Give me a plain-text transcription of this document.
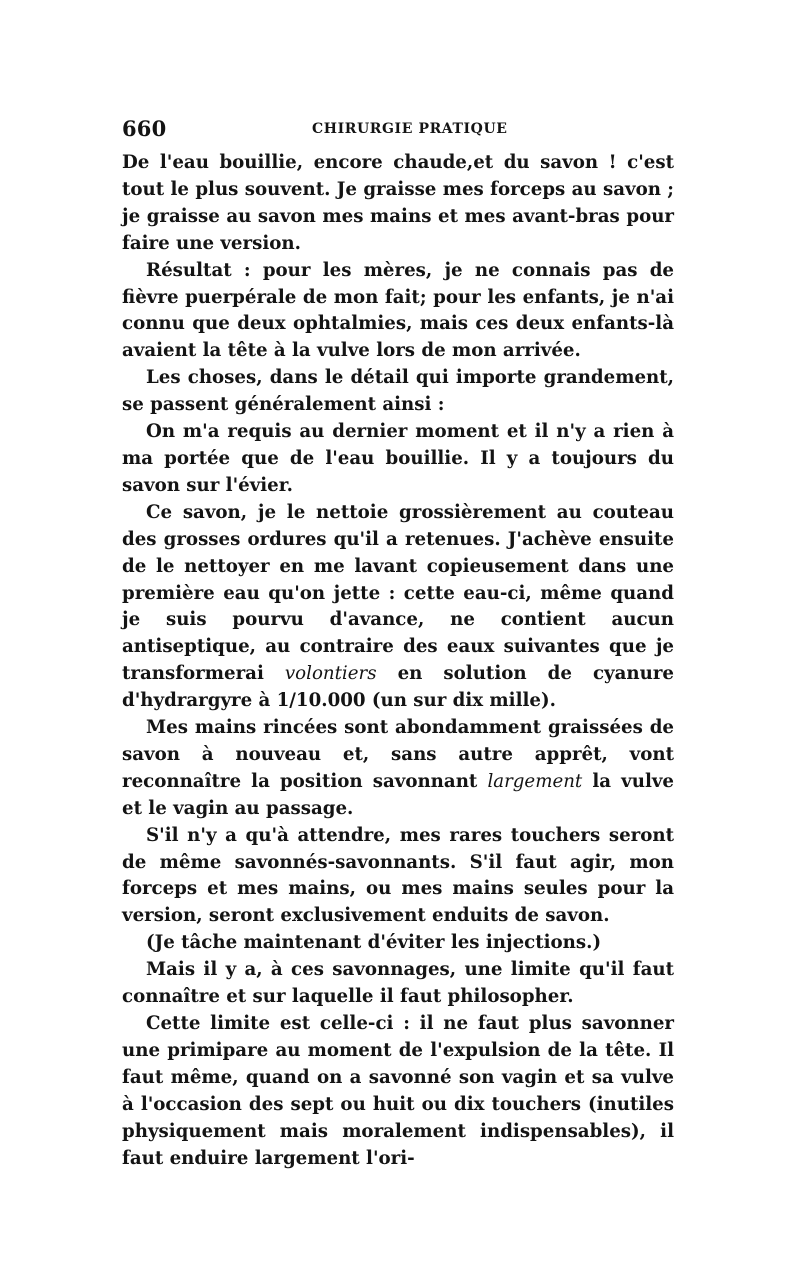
660	CHIRURGIE PRATIQUE

De l'eau bouillie, encore chaude,et du savon ! c'est tout le plus souvent. Je graisse mes forceps au savon ; je graisse au savon mes mains et mes avant-bras pour faire une version.

Résultat : pour les mères, je ne connais pas de fièvre puerpérale de mon fait; pour les enfants, je n'ai connu que deux ophtalmies, mais ces deux enfants-là avaient la tête à la vulve lors de mon arrivée.

Les choses, dans le détail qui importe grandement, se passent généralement ainsi :

On m'a requis au dernier moment et il n'y a rien à ma portée que de l'eau bouillie. Il y a toujours du savon sur l'évier.

Ce savon, je le nettoie grossièrement au couteau des grosses ordures qu'il a retenues. J'achève ensuite de le nettoyer en me lavant copieusement dans une première eau qu'on jette : cette eau-ci, même quand je suis pourvu d'avance, ne contient aucun antiseptique, au contraire des eaux suivantes que je transformerai volontiers en solution de cyanure d'hydrargyre à 1/10.000 (un sur dix mille).

Mes mains rincées sont abondamment graissées de savon à nouveau et, sans autre apprêt, vont reconnaître la position savonnant largement la vulve et le vagin au passage.

S'il n'y a qu'à attendre, mes rares touchers seront de même savonnés-savonnants. S'il faut agir, mon forceps et mes mains, ou mes mains seules pour la version, seront exclusivement enduits de savon.

(Je tâche maintenant d'éviter les injections.)

Mais il y a, à ces savonnages, une limite qu'il faut connaître et sur laquelle il faut philosopher.

Cette limite est celle-ci : il ne faut plus savonner une primipare au moment de l'expulsion de la tête. Il faut même, quand on a savonné son vagin et sa vulve à l'occasion des sept ou huit ou dix touchers (inutiles physiquement mais moralement indispensables), il faut enduire largement l'ori-
